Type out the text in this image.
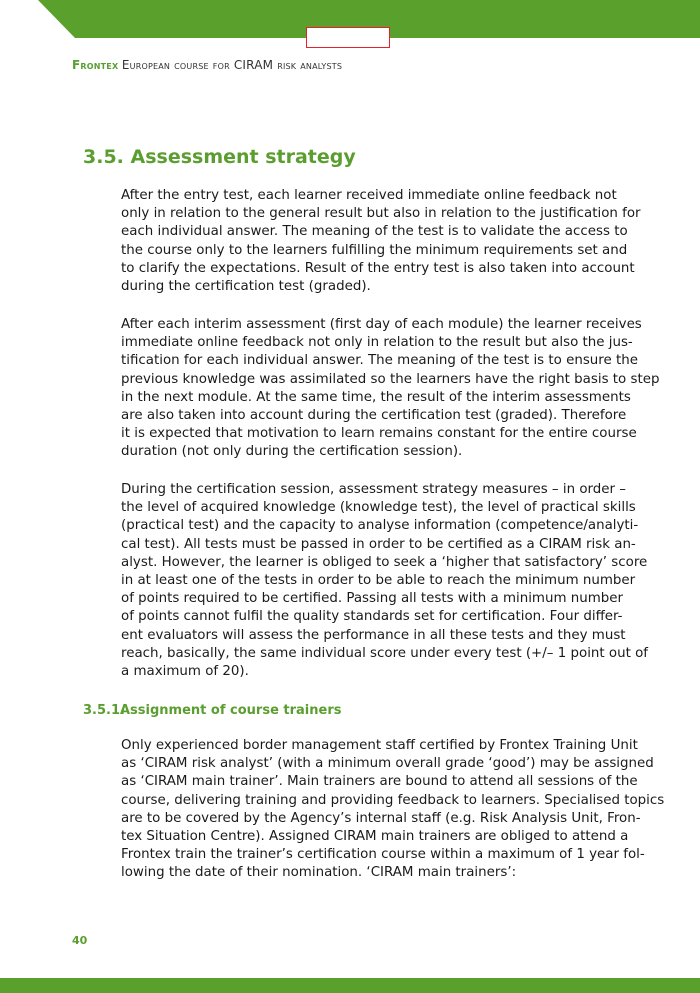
Frontex European course for CIRAM risk analysts
3.5. Assessment strategy
After the entry test, each learner received immediate online feedback not
only in relation to the general result but also in relation to the justification for
each individual answer. The meaning of the test is to validate the access to
the course only to the learners fulfilling the minimum requirements set and
to clarify the expectations. Result of the entry test is also taken into account
during the certification test (graded).
After each interim assessment (first day of each module) the learner receives
immediate online feedback not only in relation to the result but also the jus-
tification for each individual answer. The meaning of the test is to ensure the
previous knowledge was assimilated so the learners have the right basis to step
in the next module. At the same time, the result of the interim assessments
are also taken into account during the certification test (graded). Therefore
it is expected that motivation to learn remains constant for the entire course
duration (not only during the certification session).
During the certification session, assessment strategy measures – in order –
the level of acquired knowledge (knowledge test), the level of practical skills
(practical test) and the capacity to analyse information (competence/analyti-
cal test). All tests must be passed in order to be certified as a CIRAM risk an-
alyst. However, the learner is obliged to seek a ‘higher that satisfactory’ score
in at least one of the tests in order to be able to reach the minimum number
of points required to be certified. Passing all tests with a minimum number
of points cannot fulfil the quality standards set for certification. Four differ-
ent evaluators will assess the performance in all these tests and they must
reach, basically, the same individual score under every test (+/– 1 point out of
a maximum of 20).
3.5.1.Assignment of course trainers
Only experienced border management staff certified by Frontex Training Unit
as ‘CIRAM risk analyst’ (with a minimum overall grade ‘good’) may be assigned
as ‘CIRAM main trainer’. Main trainers are bound to attend all sessions of the
course, delivering training and providing feedback to learners. Specialised topics
are to be covered by the Agency’s internal staff (e.g. Risk Analysis Unit, Fron-
tex Situation Centre). Assigned CIRAM main trainers are obliged to attend a
Frontex train the trainer’s certification course within a maximum of 1 year fol-
lowing the date of their nomination. ‘CIRAM main trainers’:
40
